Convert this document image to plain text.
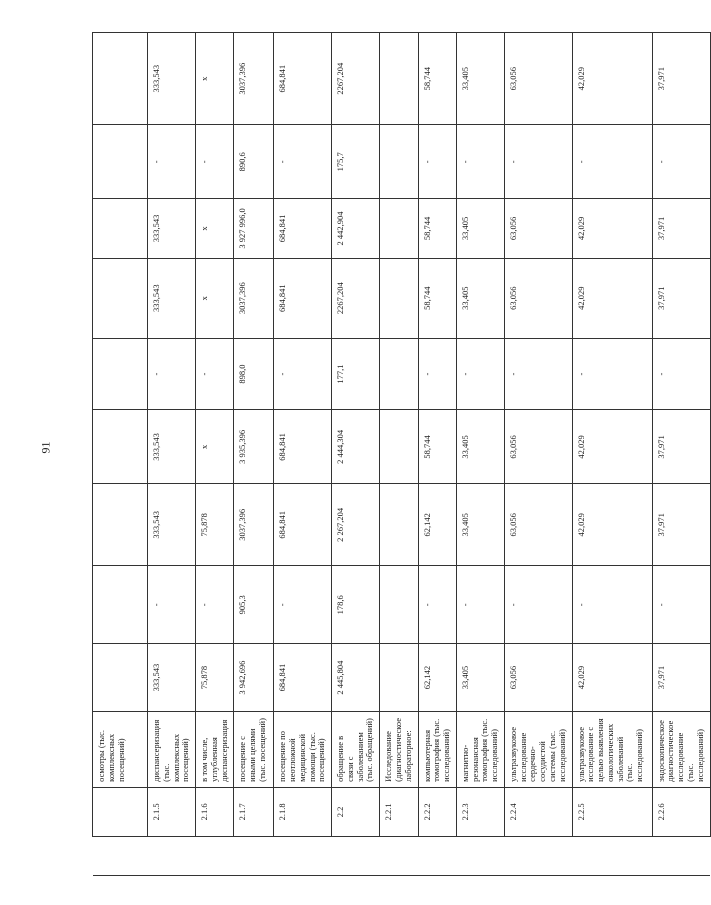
91
		осмотры (тыс. комплексных посещений)									
	2.1.5	диспансеризация (тыс. комплексных посещений)	333,543	-	333,543	333,543	-	333,543	333,543	-	333,543
	2.1.6	в том числе, углубленная диспансеризация	75,878	-	75,878	х	-	х	х	-	х
	2.1.7	посещение с иными целями (тыс. посещений)	3 942,696	905,3	3037,396	3 935,396	898,0	3037,396	3 927 996,0	890,6	3037,396
	2.1.8	посещение по неотложной медицинской помощи (тыс. посещений)	684,841	-	684,841	684,841	-	684,841	684,841	-	684,841
	2.2	обращение в связи с заболеванием (тыс. обращений)	2 445,804	178,6	2 267,204	2 444,304	177,1	2267,204	2 442,904	175,7	2267,204
	2.2.1	Исследование (диагностическое лабораторное:									
	2.2.2	компьютерная томография (тыс. исследований)	62,142	-	62,142	58,744	-	58,744	58,744	-	58,744
	2.2.3	магнитно-резонансная томография (тыс. исследований)	33,405	-	33,405	33,405	-	33,405	33,405	-	33,405
	2.2.4	ультразвуковое исследование сердечно-сосудистой системы (тыс. исследований)	63,056	-	63,056	63,056	-	63,056	63,056	-	63,056
	2.2.5	ультразвуковое исследование с целью выявления онкологических заболеваний (тыс. исследований)	42,029	-	42,029	42,029	-	42,029	42,029	-	42,029
	2.2.6	эндоскопическое диагностическое исследование (тыс. исследований)	37,971	-	37,971	37,971	-	37,971	37,971	-	37,971
